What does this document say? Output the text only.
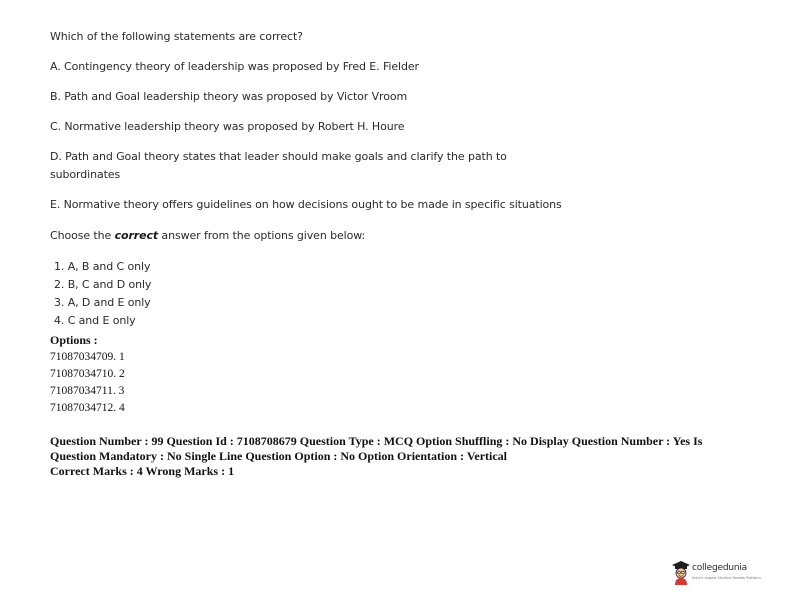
Which of the following statements are correct?
A. Contingency theory of leadership was proposed by Fred E. Fielder
B. Path and Goal leadership theory was proposed by Victor Vroom
C. Normative leadership theory was proposed by Robert H. Houre
D. Path and Goal theory states that leader should make goals and clarify the path to
subordinates
E. Normative theory offers guidelines on how decisions ought to be made in specific situations
Choose the correct answer from the options given below:
1. A, B and C only
2. B, C and D only
3. A, D and E only
4. C and E only
Options :
71087034709. 1
71087034710. 2
71087034711. 3
71087034712. 4
Question Number : 99 Question Id : 7108708679 Question Type : MCQ Option Shuffling : No Display Question Number : Yes Is
Question Mandatory : No Single Line Question Option : No Option Orientation : Vertical
Correct Marks : 4 Wrong Marks : 1
collegedunia
India's largest Student Review Platform
